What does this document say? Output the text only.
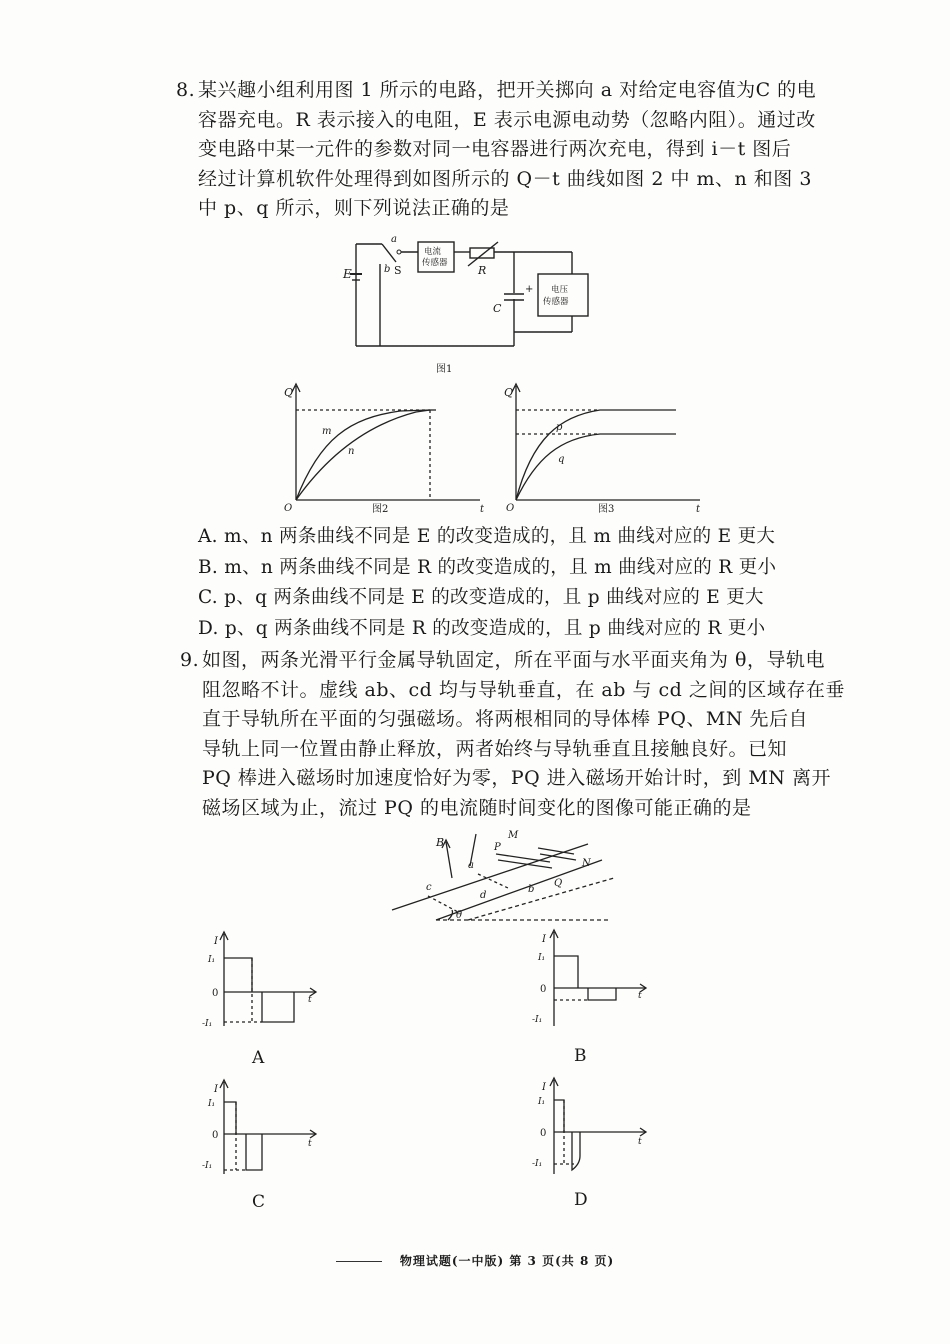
8. 某兴趣小组利用图 1 所示的电路，把开关掷向 a 对给定电容值为C 的电
容器充电。R 表示接入的电阻，E 表示电源电动势（忽略内阻）。通过改
变电路中某一元件的参数对同一电容器进行两次充电，得到 i－t 图后
经过计算机软件处理得到如图所示的 Q－t 曲线如图 2 中 m、n 和图 3
中 p、q 所示，则下列说法正确的是
E
a
b S
电流
传感器
R
+
C
电压
传感器
图1
Q
t
O
m
n
图2
Q
t
O
p
q
图3
A. m、n 两条曲线不同是 E 的改变造成的，且 m 曲线对应的 E 更大
B. m、n 两条曲线不同是 R 的改变造成的，且 m 曲线对应的 R 更小
C. p、q 两条曲线不同是 E 的改变造成的，且 p 曲线对应的 E 更大
D. p、q 两条曲线不同是 R 的改变造成的，且 p 曲线对应的 R 更小
9. 如图，两条光滑平行金属导轨固定，所在平面与水平面夹角为 θ，导轨电
阻忽略不计。虚线 ab、cd 均与导轨垂直，在 ab 与 cd 之间的区域存在垂
直于导轨所在平面的匀强磁场。将两根相同的导体棒 PQ、MN 先后自
导轨上同一位置由静止释放，两者始终与导轨垂直且接触良好。已知
PQ 棒进入磁场时加速度恰好为零，PQ 进入磁场开始计时，到 MN 离开
磁场区域为止，流过 PQ 的电流随时间变化的图像可能正确的是
B	P
M
N
Q
a
b
c
d
θ
I
I₁
0
-I₁
t
A
I
I₁
0
-I₁
t
B
I
I₁
0
-I₁
t
C
I
I₁
0
-I₁
t
D
物理试题(一中版) 第 3 页(共 8 页)
